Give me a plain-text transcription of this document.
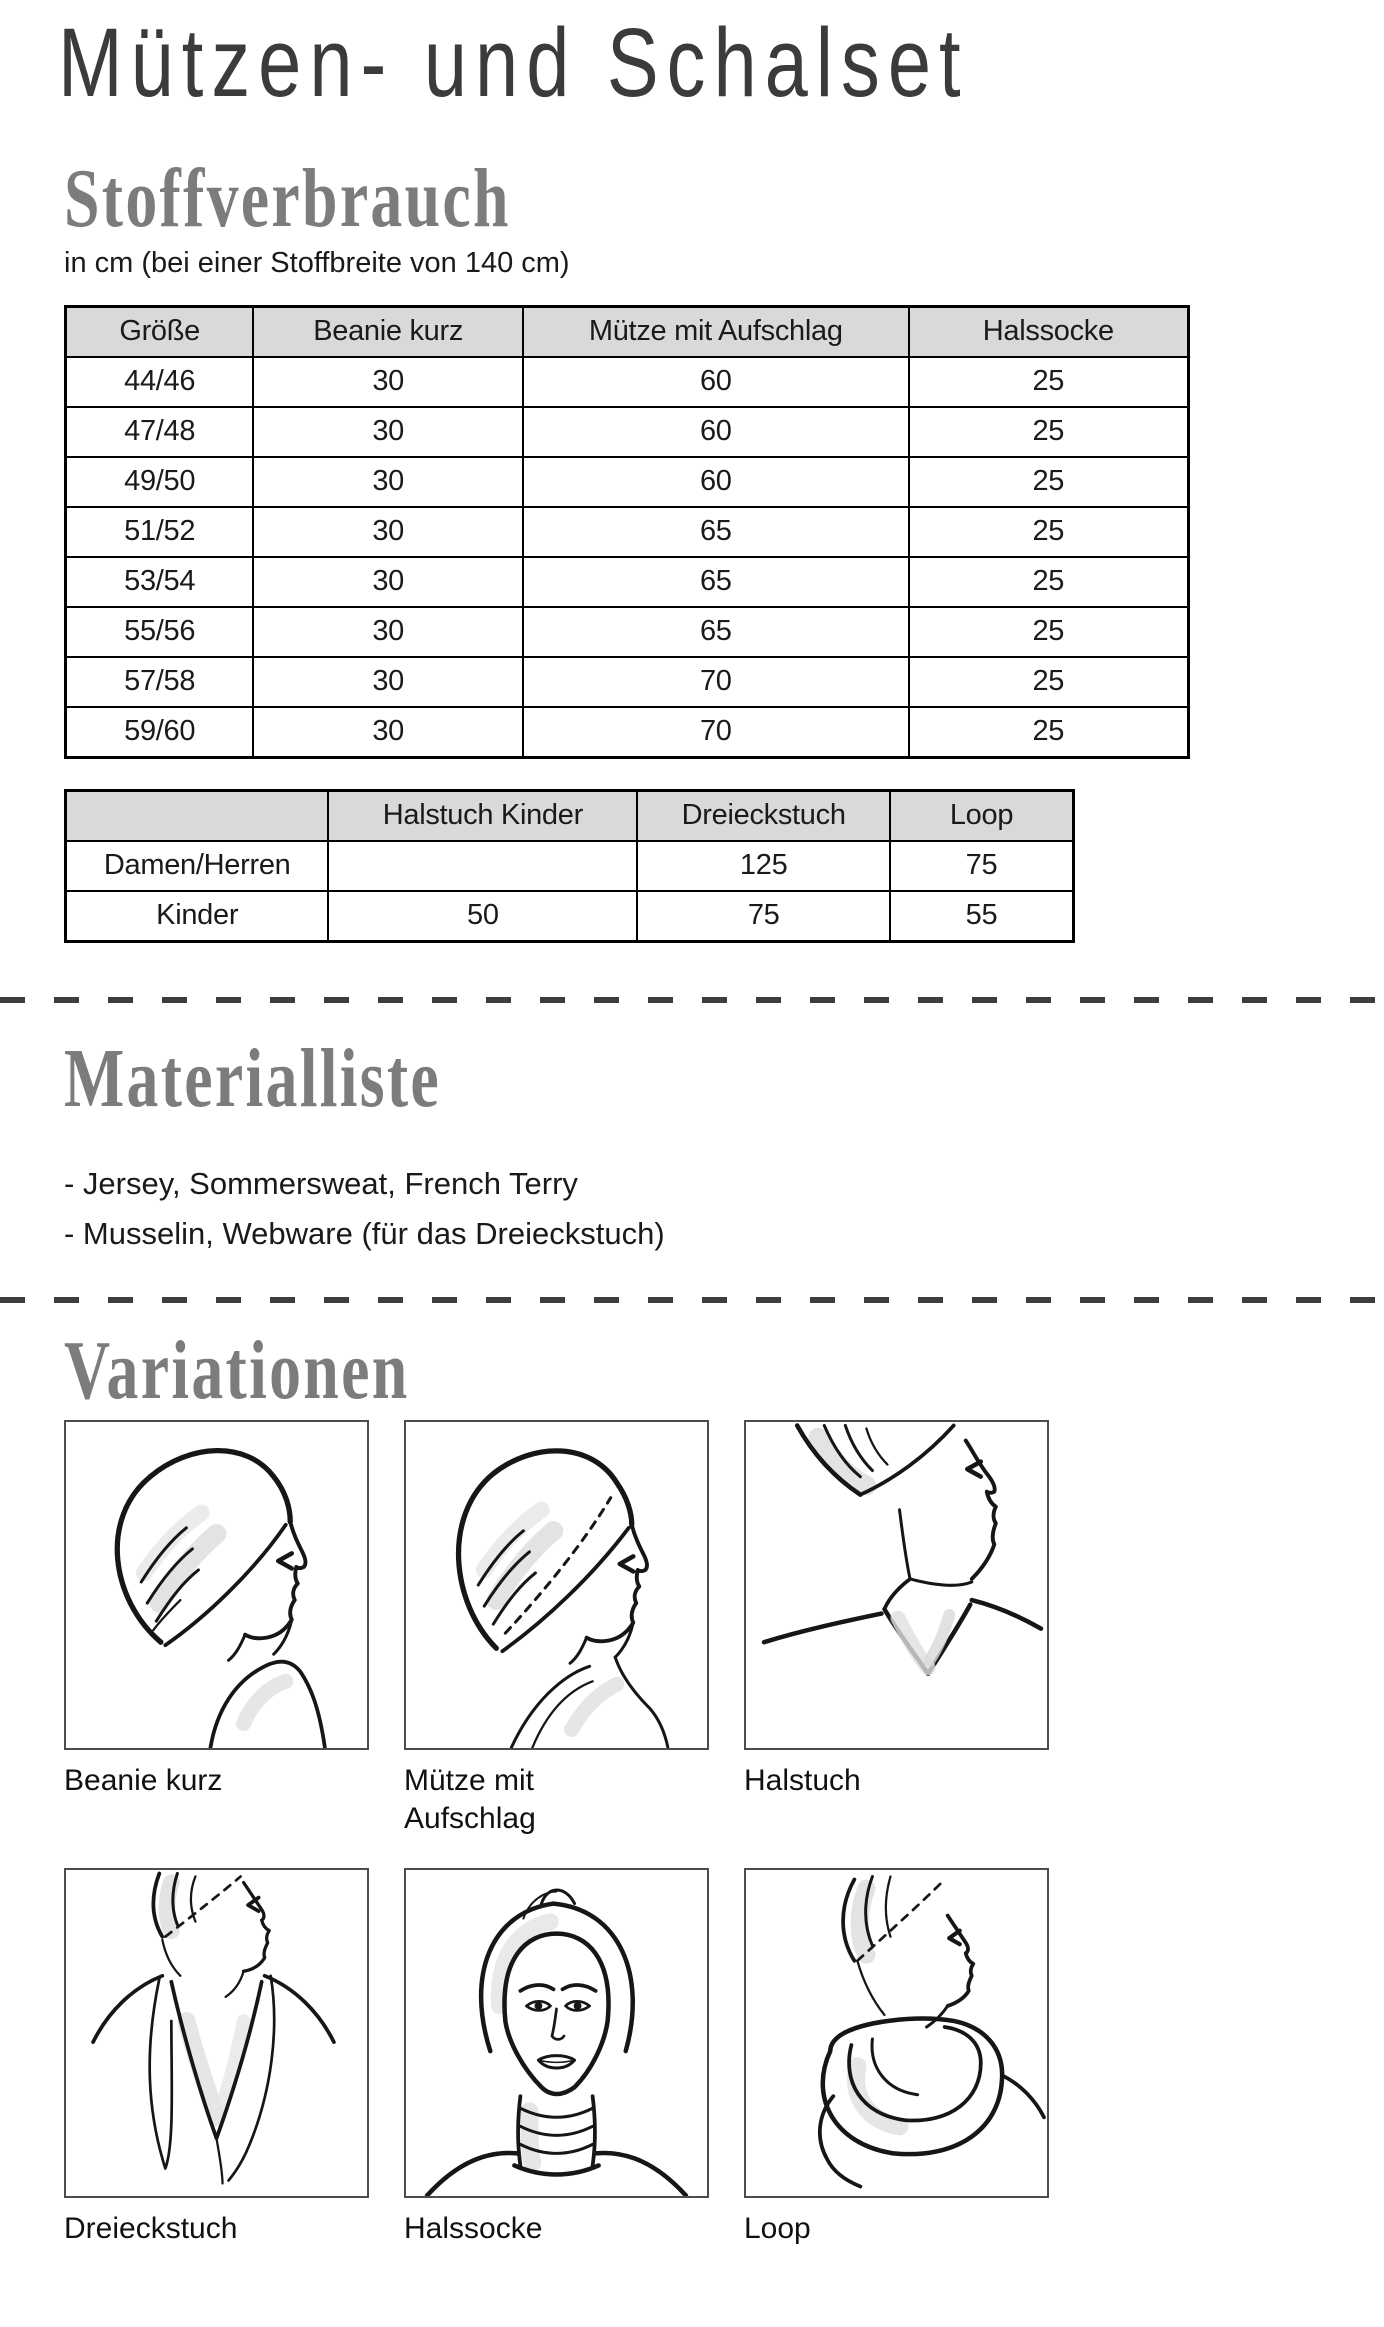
Mützen- und Schalset
Stoffverbrauch
in cm (bei einer Stoffbreite von 140 cm)
Größe	Beanie kurz	Mütze mit Aufschlag	Halssocke
44/46	30	60	25
47/48	30	60	25
49/50	30	60	25
51/52	30	65	25
53/54	30	65	25
55/56	30	65	25
57/58	30	70	25
59/60	30	70	25
	Halstuch Kinder	Dreieckstuch	Loop
Damen/Herren		125	75
Kinder	50	75	55
Materialliste
- Jersey, Sommersweat, French Terry
- Musselin, Webware (für das Dreieckstuch)
Variationen
Beanie kurz	Mütze mit Aufschlag
Halstuch
Dreieckstuch	Halssocke	Loop
